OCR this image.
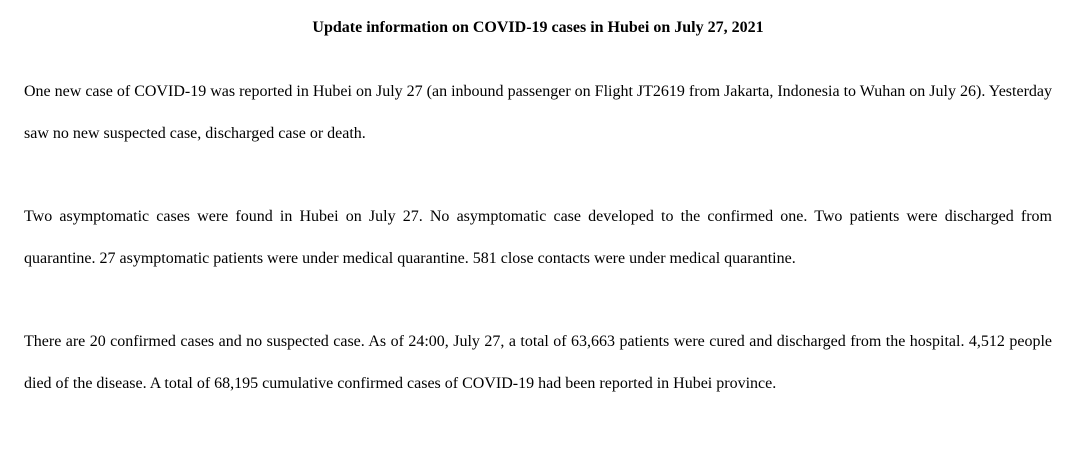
Update information on COVID-19 cases in Hubei on July 27, 2021

One new case of COVID-19 was reported in Hubei on July 27 (an inbound passenger on Flight JT2619 from Jakarta, Indonesia to Wuhan on July 26). Yesterday saw no new suspected case, discharged case or death.

Two asymptomatic cases were found in Hubei on July 27. No asymptomatic case developed to the confirmed one. Two patients were discharged from quarantine. 27 asymptomatic patients were under medical quarantine. 581 close contacts were under medical quarantine.

There are 20 confirmed cases and no suspected case. As of 24:00, July 27, a total of 63,663 patients were cured and discharged from the hospital. 4,512 people died of the disease. A total of 68,195 cumulative confirmed cases of COVID-19 had been reported in Hubei province.
